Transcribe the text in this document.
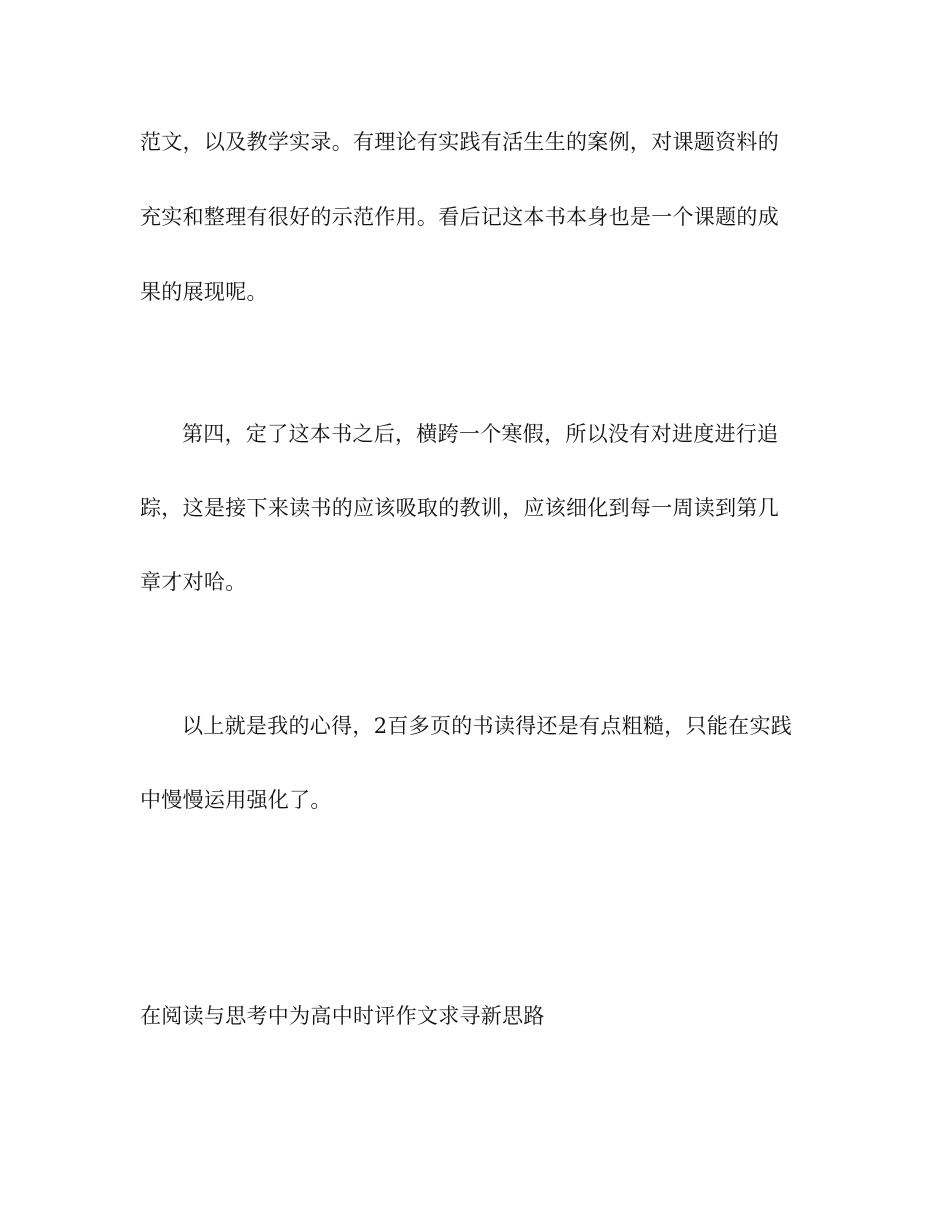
范文，以及教学实录。有理论有实践有活生生的案例，对课题资料的
充实和整理有很好的示范作用。看后记这本书本身也是一个课题的成
果的展现呢。
第四，定了这本书之后，横跨一个寒假，所以没有对进度进行追
踪，这是接下来读书的应该吸取的教训，应该细化到每一周读到第几
章才对哈。
以上就是我的心得，2百多页的书读得还是有点粗糙，只能在实践
中慢慢运用强化了。
在阅读与思考中为高中时评作文求寻新思路
